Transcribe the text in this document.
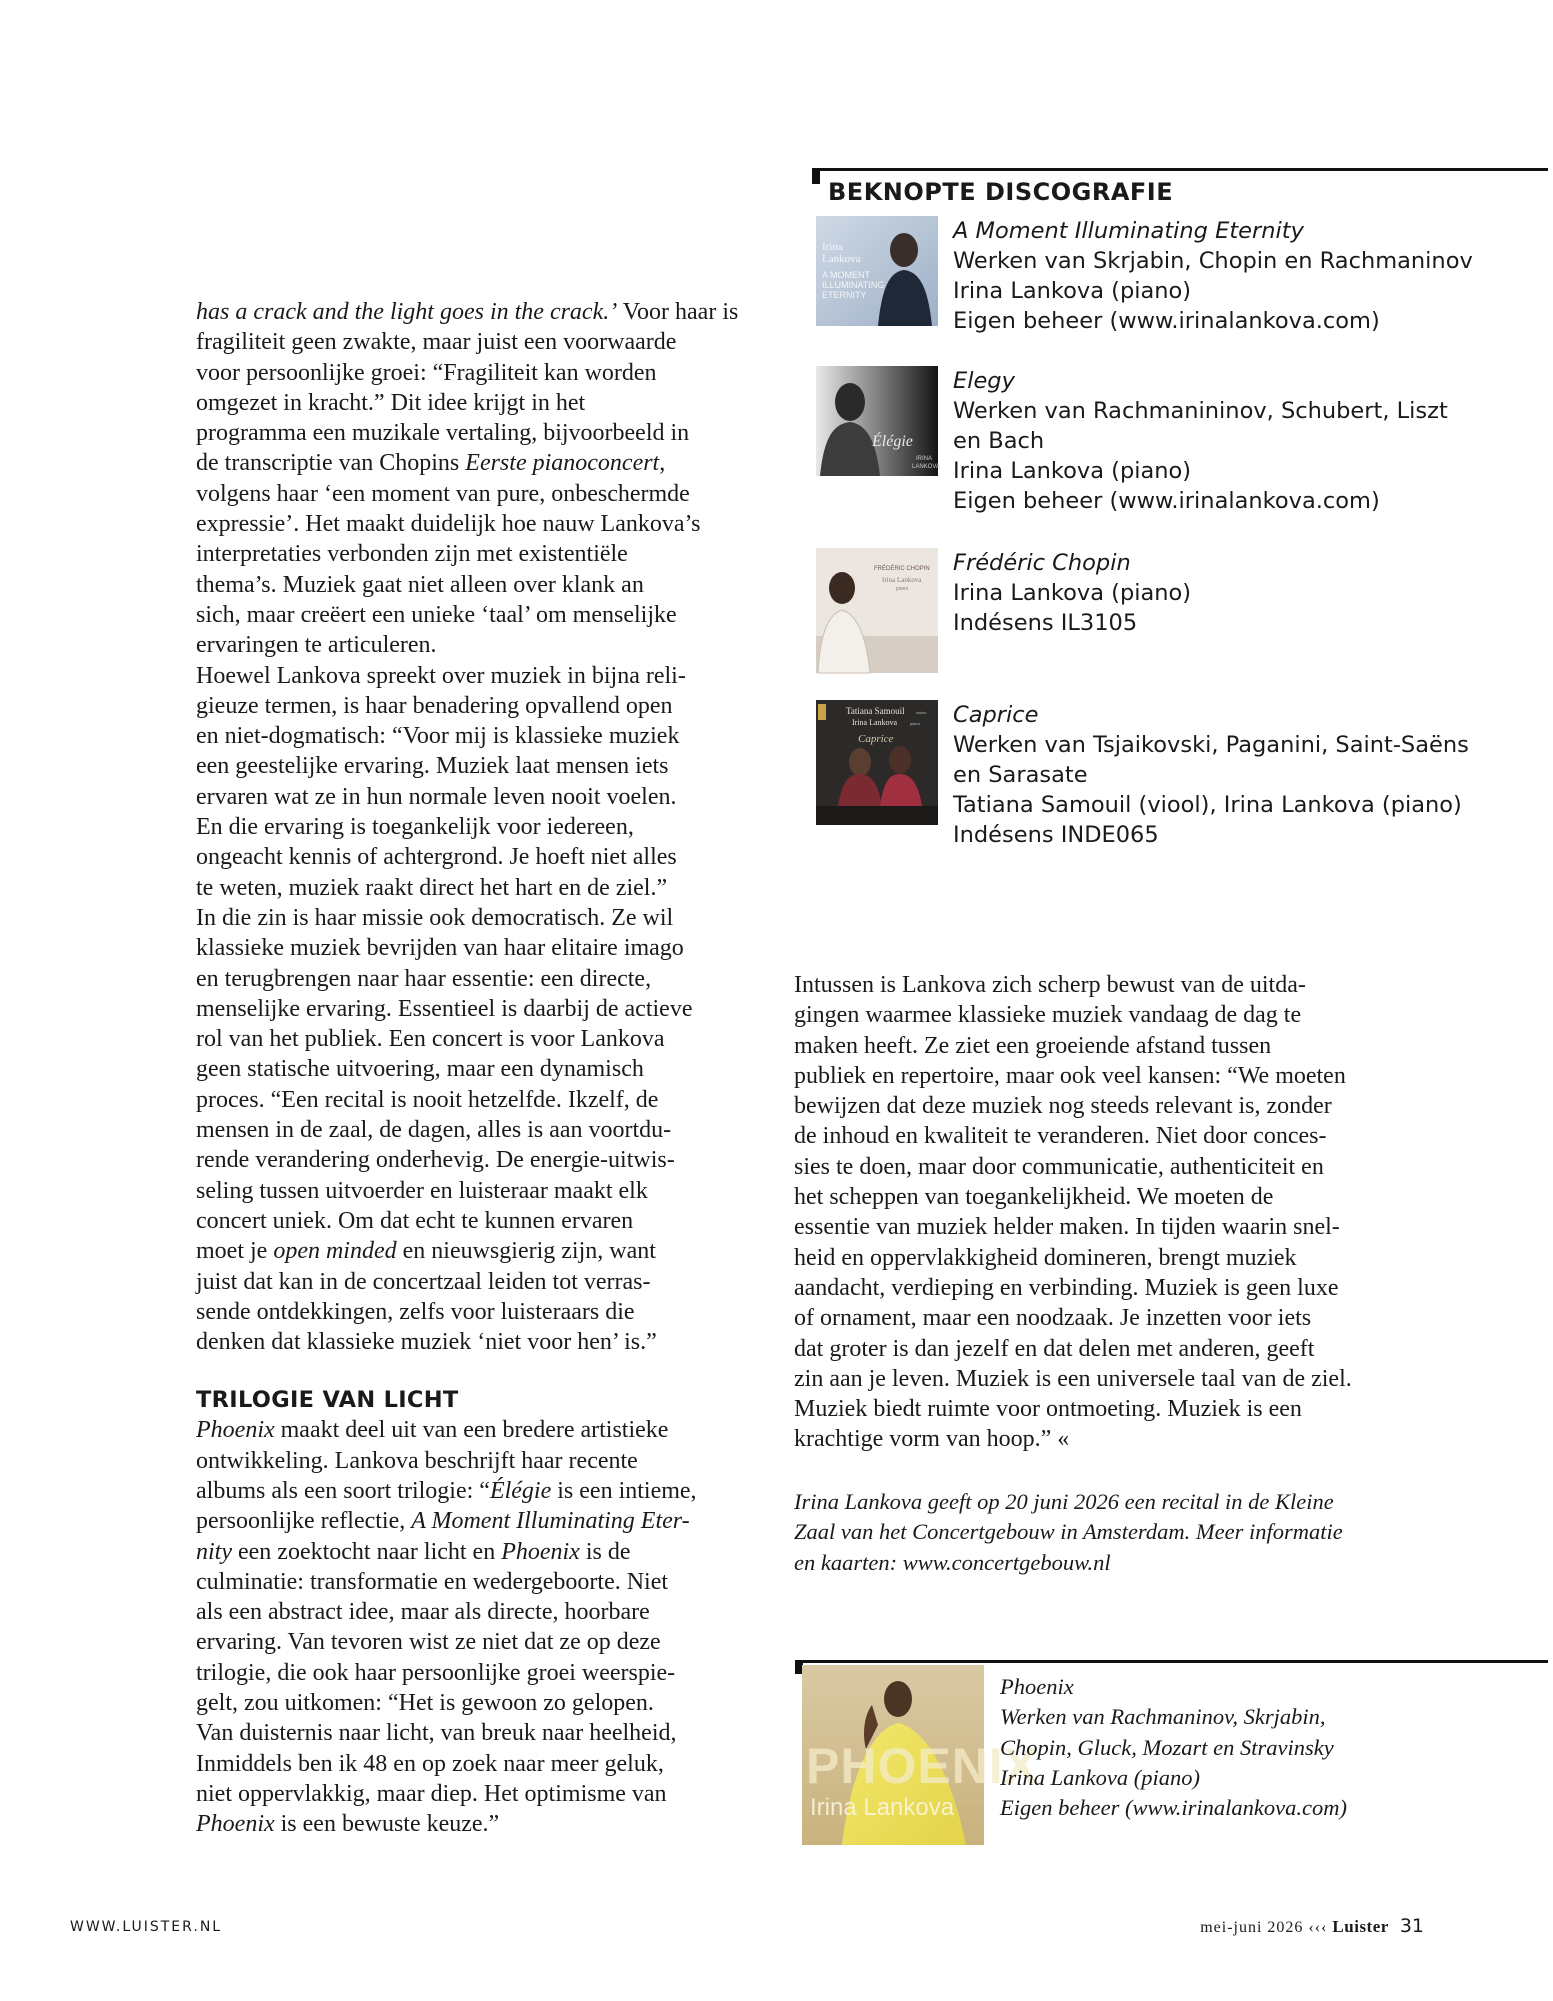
has a crack and the light goes in the crack.’ Voor haar is
fragiliteit geen zwakte, maar juist een voorwaarde
voor persoonlijke groei: “Fragiliteit kan worden
omgezet in kracht.” Dit idee krijgt in het
programma een muzikale vertaling, bijvoorbeeld in
de transcriptie van Chopins Eerste pianoconcert,
volgens haar ‘een moment van pure, onbeschermde
expressie’. Het maakt duidelijk hoe nauw Lankova’s
interpretaties verbonden zijn met existentiële
thema’s. Muziek gaat niet alleen over klank an
sich, maar creëert een unieke ‘taal’ om menselijke
ervaringen te articuleren.
Hoewel Lankova spreekt over muziek in bijna reli-
gieuze termen, is haar benadering opvallend open
en niet-dogmatisch: “Voor mij is klassieke muziek
een geestelijke ervaring. Muziek laat mensen iets
ervaren wat ze in hun normale leven nooit voelen.
En die ervaring is toegankelijk voor iedereen,
ongeacht kennis of achtergrond. Je hoeft niet alles
te weten, muziek raakt direct het hart en de ziel.”
In die zin is haar missie ook democratisch. Ze wil
klassieke muziek bevrijden van haar elitaire imago
en terugbrengen naar haar essentie: een directe,
menselijke ervaring. Essentieel is daarbij de actieve
rol van het publiek. Een concert is voor Lankova
geen statische uitvoering, maar een dynamisch
proces. “Een recital is nooit hetzelfde. Ikzelf, de
mensen in de zaal, de dagen, alles is aan voortdu-
rende verandering onderhevig. De energie-uitwis-
seling tussen uitvoerder en luisteraar maakt elk
concert uniek. Om dat echt te kunnen ervaren
moet je open minded en nieuwsgierig zijn, want
juist dat kan in de concertzaal leiden tot verras-
sende ontdekkingen, zelfs voor luisteraars die
denken dat klassieke muziek ‘niet voor hen’ is.”
TRILOGIE VAN LICHT
Phoenix maakt deel uit van een bredere artistieke
ontwikkeling. Lankova beschrijft haar recente
albums als een soort trilogie: “Élégie is een intieme,
persoonlijke reflectie, A Moment Illuminating Eter-
nity een zoektocht naar licht en Phoenix is de
culminatie: transformatie en wedergeboorte. Niet
als een abstract idee, maar als directe, hoorbare
ervaring. Van tevoren wist ze niet dat ze op deze
trilogie, die ook haar persoonlijke groei weerspie-
gelt, zou uitkomen: “Het is gewoon zo gelopen.
Van duisternis naar licht, van breuk naar heelheid,
Inmiddels ben ik 48 en op zoek naar meer geluk,
niet oppervlakkig, maar diep. Het optimisme van
Phoenix is een bewuste keuze.”
BEKNOPTE DISCOGRAFIE
Irina
Lankova
A MOMENT
ILLUMINATING
ETERNITY
A Moment Illuminating Eternity
Werken van Skrjabin, Chopin en Rachmaninov
Irina Lankova (piano)
Eigen beheer (www.irinalankova.com)
Élégie
IRINA
LANKOVA
Elegy
Werken van Rachmanininov, Schubert, Liszt
en Bach
Irina Lankova (piano)
Eigen beheer (www.irinalankova.com)
FRÉDÉRIC CHOPIN
Irina Lankova
piano
Frédéric Chopin
Irina Lankova (piano)
Indésens IL3105
Tatiana Samouil	violon
Irina Lankova	piano
Caprice
Caprice
Werken van Tsjaikovski, Paganini, Saint-Saëns
en Sarasate
Tatiana Samouil (viool), Irina Lankova (piano)
Indésens INDE065
Intussen is Lankova zich scherp bewust van de uitda-
gingen waarmee klassieke muziek vandaag de dag te
maken heeft. Ze ziet een groeiende afstand tussen
publiek en repertoire, maar ook veel kansen: “We moeten
bewijzen dat deze muziek nog steeds relevant is, zonder
de inhoud en kwaliteit te veranderen. Niet door conces-
sies te doen, maar door communicatie, authenticiteit en
het scheppen van toegankelijkheid. We moeten de
essentie van muziek helder maken. In tijden waarin snel-
heid en oppervlakkigheid domineren, brengt muziek
aandacht, verdieping en verbinding. Muziek is geen luxe
of ornament, maar een noodzaak. Je inzetten voor iets
dat groter is dan jezelf en dat delen met anderen, geeft
zin aan je leven. Muziek is een universele taal van de ziel.
Muziek biedt ruimte voor ontmoeting. Muziek is een
krachtige vorm van hoop.” «
Irina Lankova geeft op 20 juni 2026 een recital in de Kleine
Zaal van het Concertgebouw in Amsterdam. Meer informatie
en kaarten: www.concertgebouw.nl
PHOENIX
Irina Lankova
Phoenix
Werken van Rachmaninov, Skrjabin,
Chopin, Gluck, Mozart en Stravinsky
Irina Lankova (piano)
Eigen beheer (www.irinalankova.com)
WWW.LUISTER.NL	mei-juni 2026 ‹‹‹ Luister 31
